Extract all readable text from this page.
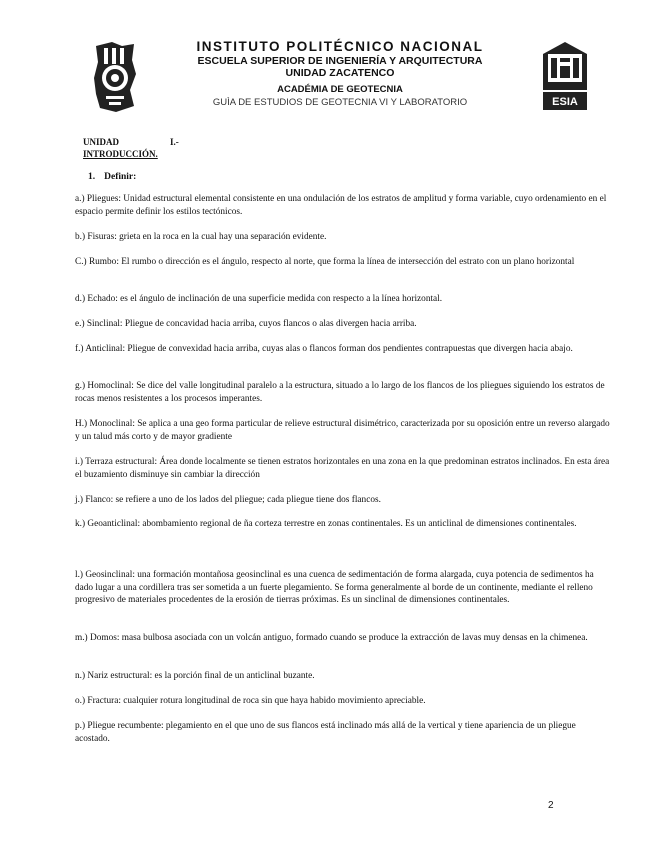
ESIA
INSTITUTO POLITÉCNICO NACIONAL
ESCUELA SUPERIOR DE INGENIERÍA Y ARQUITECTURA
UNIDAD ZACATENCO
ACADÉMIA DE GEOTECNIA
GUÌA DE ESTUDIOS DE GEOTECNIA VI Y LABORATORIO
UNIDAD	I.-
INTRODUCCIÓN.
1. Definir:
a.) Pliegues: Unidad estructural elemental consistente en una ondulación de los estratos de amplitud y forma variable, cuyo ordenamiento en el espacio permite definir los estilos tectónicos.
b.) Fisuras: grieta en la roca en la cual hay una separación evidente.
C.) Rumbo: El rumbo o dirección es el ángulo, respecto al norte, que forma la línea de intersección del estrato con un plano horizontal
d.) Echado: es el ángulo de inclinación de una superficie medida con respecto a la línea horizontal.
e.) Sinclinal: Pliegue de concavidad hacia arriba, cuyos flancos o alas divergen hacia arriba.
f.) Anticlinal: Pliegue de convexidad hacia arriba, cuyas alas o flancos forman dos pendientes contrapuestas que divergen hacia abajo.
g.) Homoclinal: Se dice del valle longitudinal paralelo a la estructura, situado a lo largo de los flancos de los pliegues siguiendo los estratos de rocas menos resistentes a los procesos imperantes.
H.) Monoclinal: Se aplica a una geo forma particular de relieve estructural disimétrico, caracterizada por su oposición entre un reverso alargado y un talud más corto y de mayor gradiente
i.) Terraza estructural: Área donde localmente se tienen estratos horizontales en una zona en la que predominan estratos inclinados. En esta área el buzamiento disminuye sin cambiar la dirección
j.) Flanco: se refiere a uno de los lados del pliegue; cada pliegue tiene dos flancos.
k.) Geoanticlinal: abombamiento regional de ña corteza terrestre en zonas continentales. Es un anticlinal de dimensiones continentales.
l.) Geosinclinal: una formación montañosa geosinclinal es una cuenca de sedimentación de forma alargada, cuya potencia de sedimentos ha dado lugar a una cordillera tras ser sometida a un fuerte plegamiento. Se forma generalmente al borde de un continente, mediante el relleno progresivo de materiales procedentes de la erosión de tierras próximas. Es un sinclinal de dimensiones continentales.
m.) Domos: masa bulbosa asociada con un volcán antiguo, formado cuando se produce la extracción de lavas muy densas en la chimenea.
n.) Nariz estructural: es la porción final de un anticlinal buzante.
o.) Fractura: cualquier rotura longitudinal de roca sin que haya habido movimiento apreciable.
p.) Pliegue recumbente: plegamiento en el que uno de sus flancos está inclinado más allá de la vertical y tiene apariencia de un pliegue acostado.
2
